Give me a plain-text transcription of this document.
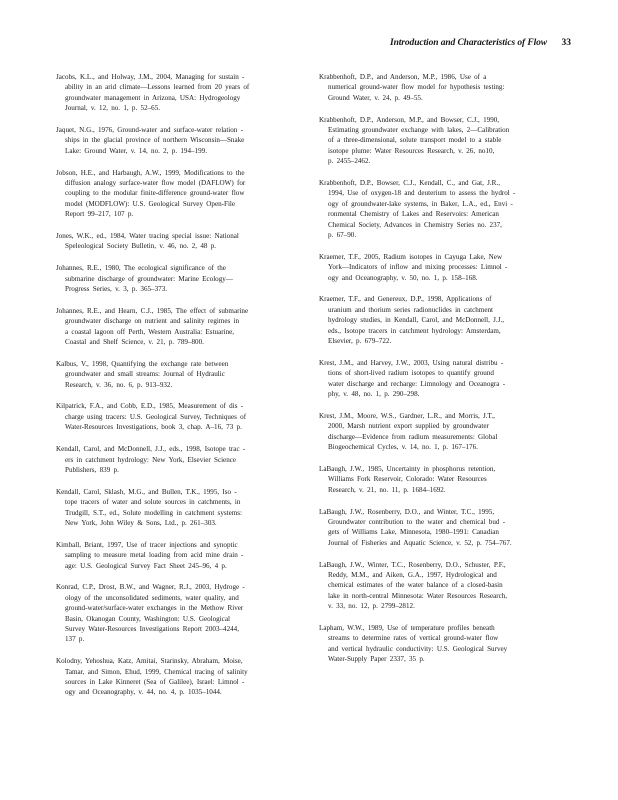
Introduction and Characteristics of Flow 33

Jacobs, K.L., and Holway, J.M., 2004, Managing for sustain -
ability in an arid climate—Lessons learned from 20 years of
groundwater management in Arizona, USA: Hydrogeology
Journal, v. 12, no. 1, p. 52–65.

Jaquet, N.G., 1976, Ground-water and surface-water relation -
ships in the glacial province of northern Wisconsin—Snake
Lake: Ground Water, v. 14, no. 2, p. 194–199.

Jobson, H.E., and Harbaugh, A.W., 1999, Modifications to the
diffusion analogy surface-water flow model (DAFLOW) for
coupling to the modular finite-difference ground-water flow
model (MODFLOW): U.S. Geological Survey Open-File
Report 99–217, 107 p.

Jones, W.K., ed., 1984, Water tracing special issue: National
Speleological Society Bulletin, v. 46, no. 2, 48 p.

Johannes, R.E., 1980, The ecological significance of the
submarine discharge of groundwater: Marine Ecology—
Progress Series, v. 3, p. 365–373.

Johannes, R.E., and Hearn, C.J., 1985, The effect of submarine
groundwater discharge on nutrient and salinity regimes in
a coastal lagoon off Perth, Western Australia: Estuarine,
Coastal and Shelf Science, v. 21, p. 789–800.

Kalbus, V., 1998, Quantifying the exchange rate between
groundwater and small streams: Journal of Hydraulic
Research, v. 36, no. 6, p. 913–932.

Kilpatrick, F.A., and Cobb, E.D., 1985, Measurement of dis -
charge using tracers: U.S. Geological Survey, Techniques of
Water-Resources Investigations, book 3, chap. A–16, 73 p.

Kendall, Carol, and McDonnell, J.J., eds., 1998, Isotope trac -
ers in catchment hydrology: New York, Elsevier Science
Publishers, 839 p.

Kendall, Carol, Sklash, M.G., and Bullen, T.K., 1995, Iso -
tope tracers of water and solute sources in catchments, in
Trudgill, S.T., ed., Solute modelling in catchment systems:
New York, John Wiley & Sons, Ltd., p. 261–303.

Kimball, Briant, 1997, Use of tracer injections and synoptic
sampling to measure metal loading from acid mine drain -
age: U.S. Geological Survey Fact Sheet 245–96, 4 p.

Konrad, C.P., Drost, B.W., and Wagner, R.J., 2003, Hydroge -
ology of the unconsolidated sediments, water quality, and
ground-water/surface-water exchanges in the Methow River
Basin, Okanogan County, Washington: U.S. Geological
Survey Water-Resources Investigations Report 2003–4244,
137 p.

Kolodny, Yehoshua, Katz, Amitai, Starinsky, Abraham, Moise,
Tamar, and Simon, Ehud, 1999, Chemical tracing of salinity
sources in Lake Kinneret (Sea of Galilee), Israel: Limnol -
ogy and Oceanography, v. 44, no. 4, p. 1035–1044.

Krabbenhoft, D.P., and Anderson, M.P., 1986, Use of a
numerical ground-water flow model for hypothesis testing:
Ground Water, v. 24, p. 49–55.

Krabbenhoft, D.P., Anderson, M.P., and Bowser, C.J., 1990,
Estimating groundwater exchange with lakes, 2—Calibration
of a three-dimensional, solute transport model to a stable
isotope plume: Water Resources Research, v. 26, no10,
p. 2455–2462.

Krabbenhoft, D.P., Bowser, C.J., Kendall, C., and Gat, J.R.,
1994, Use of oxygen-18 and deuterium to assess the hydrol -
ogy of groundwater-lake systems, in Baker, L.A., ed., Envi -
ronmental Chemistry of Lakes and Reservoirs: American
Chemical Society, Advances in Chemistry Series no. 237,
p. 67–90.

Kraemer, T.F., 2005, Radium isotopes in Cayuga Lake, New
York—Indicators of inflow and mixing processes: Limnol -
ogy and Oceanography, v. 50, no. 1, p. 158–168.

Kraemer, T.F., and Genereux, D.P., 1998, Applications of
uranium and thorium series radionuclides in catchment
hydrology studies, in Kendall, Carol, and McDonnell, J.J.,
eds., Isotope tracers in catchment hydrology: Amsterdam,
Elsevier, p. 679–722.

Krest, J.M., and Harvey, J.W., 2003, Using natural distribu -
tions of short-lived radium isotopes to quantify ground
water discharge and recharge: Limnology and Oceanogra -
phy, v. 48, no. 1, p. 290–298.

Krest, J.M., Moore, W.S., Gardner, L.R., and Morris, J.T.,
2000, Marsh nutrient export supplied by groundwater
discharge—Evidence from radium measurements: Global
Biogeochemical Cycles, v. 14, no. 1, p. 167–176.

LaBaugh, J.W., 1985, Uncertainty in phosphorus retention,
Williams Fork Reservoir, Colorado: Water Resources
Research, v. 21, no. 11, p. 1684–1692.

LaBaugh, J.W., Rosenberry, D.O., and Winter, T.C., 1995,
Groundwater contribution to the water and chemical bud -
gets of Williams Lake, Minnesota, 1980–1991: Canadian
Journal of Fisheries and Aquatic Science, v. 52, p. 754–767.

LaBaugh, J.W., Winter, T.C., Rosenberry, D.O., Schuster, P.F.,
Reddy, M.M., and Aiken, G.A., 1997, Hydrological and
chemical estimates of the water balance of a closed-basin
lake in north-central Minnesota: Water Resources Research,
v. 33, no. 12, p. 2799–2812.

Lapham, W.W., 1989, Use of temperature profiles beneath
streams to determine rates of vertical ground-water flow
and vertical hydraulic conductivity: U.S. Geological Survey
Water-Supply Paper 2337, 35 p.
